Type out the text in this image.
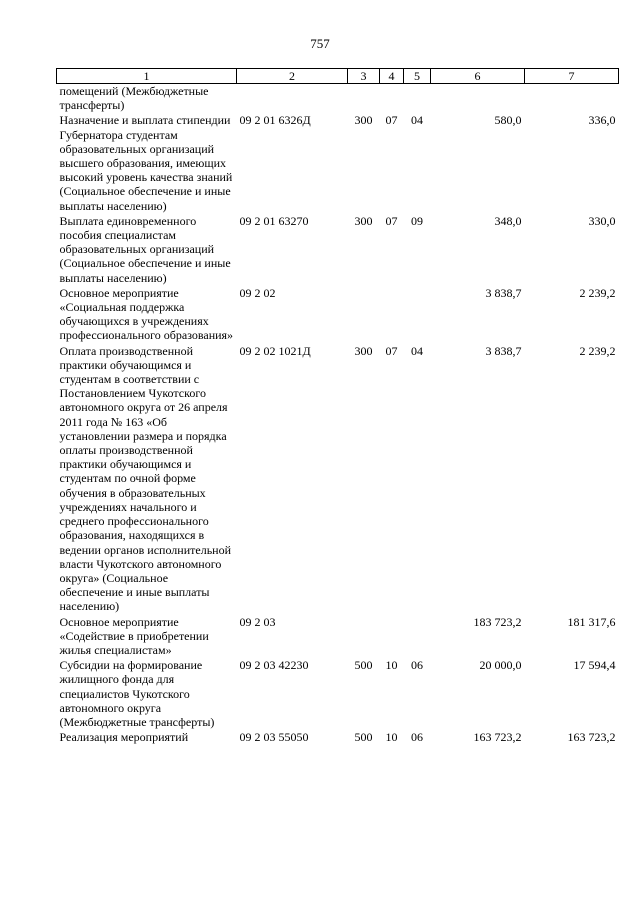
757
1	2	3	4	5	6	7
помещений (Межбюджетные трансферты)						
Назначение и выплата стипендии Губернатора студентам образовательных организаций высшего образования, имеющих высокий уровень качества знаний (Социальное обеспечение и иные выплаты населению)	09 2 01 6326Д	300	07	04	580,0	336,0
Выплата единовременного пособия специалистам образовательных организаций (Социальное обеспечение и иные выплаты населению)	09 2 01 63270	300	07	09	348,0	330,0
Основное мероприятие «Социальная поддержка обучающихся в учреждениях профессионального образования»	09 2 02				3 838,7	2 239,2
Оплата производственной практики обучающимся и студентам в соответствии с Постановлением Чукотского автономного округа от 26 апреля 2011 года № 163 «Об установлении размера и порядка оплаты производственной практики обучающимся и студентам по очной форме обучения в образовательных учреждениях начального и среднего профессионального образования, находящихся в ведении органов исполнительной власти Чукотского автономного округа» (Социальное обеспечение и иные выплаты населению)	09 2 02 1021Д	300	07	04	3 838,7	2 239,2
Основное мероприятие «Содействие в приобретении жилья специалистам»	09 2 03				183 723,2	181 317,6
Субсидии на формирование жилищного фонда для специалистов Чукотского автономного округа (Межбюджетные трансферты)	09 2 03 42230	500	10	06	20 000,0	17 594,4
Реализация мероприятий	09 2 03 55050	500	10	06	163 723,2	163 723,2
